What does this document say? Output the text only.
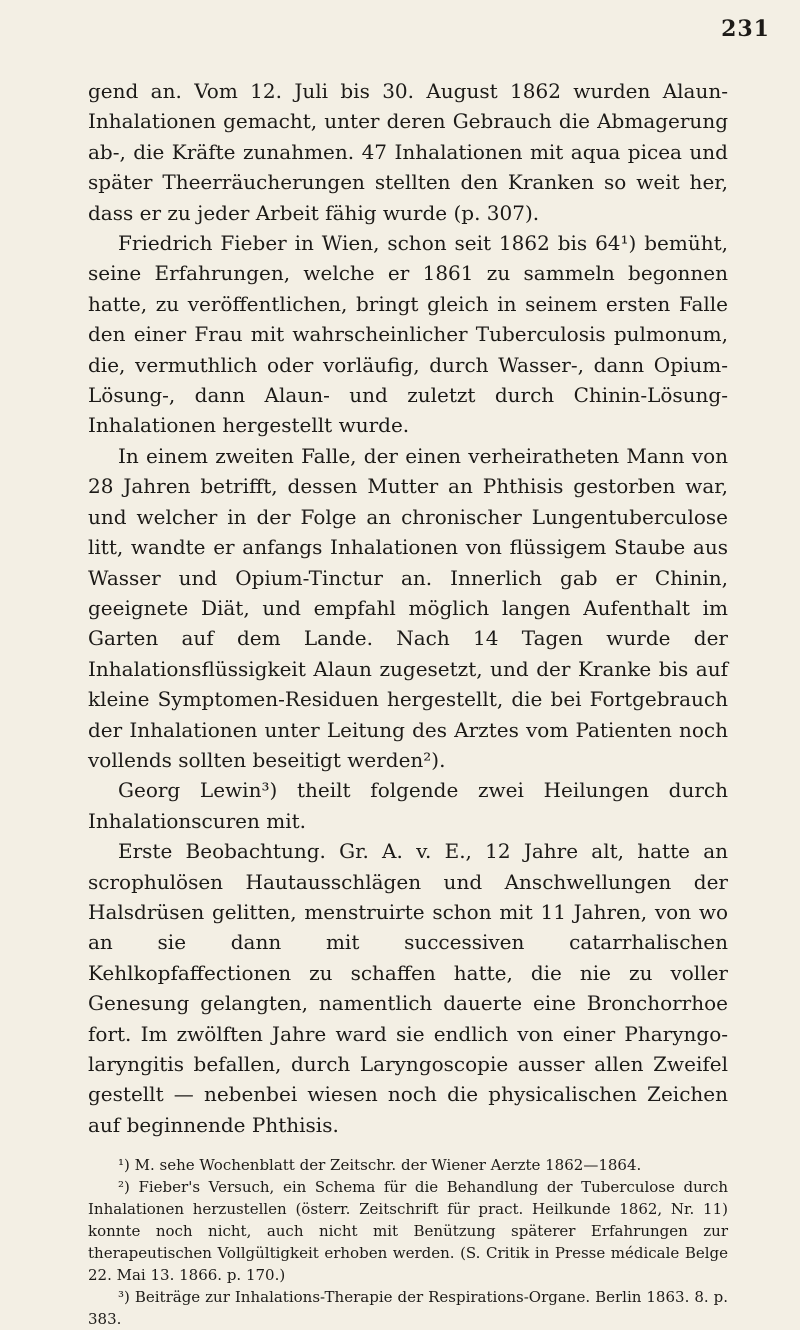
231

gend an. Vom 12. Juli bis 30. August 1862 wurden Alaun-Inhalationen gemacht, unter deren Gebrauch die Abmagerung ab-, die Kräfte zunahmen. 47 Inhalationen mit aqua picea und später Theerräucherungen stellten den Kranken so weit her, dass er zu jeder Arbeit fähig wurde (p. 307).

Friedrich Fieber in Wien, schon seit 1862 bis 64¹) bemüht, seine Erfahrungen, welche er 1861 zu sammeln begonnen hatte, zu veröffentlichen, bringt gleich in seinem ersten Falle den einer Frau mit wahrscheinlicher Tuberculosis pulmonum, die, vermuthlich oder vorläufig, durch Wasser-, dann Opium-Lösung-, dann Alaun- und zuletzt durch Chinin-Lösung-Inhalationen hergestellt wurde.

In einem zweiten Falle, der einen verheiratheten Mann von 28 Jahren betrifft, dessen Mutter an Phthisis gestorben war, und welcher in der Folge an chronischer Lungentuberculose litt, wandte er anfangs Inhalationen von flüssigem Staube aus Wasser und Opium-Tinctur an. Innerlich gab er Chinin, geeignete Diät, und empfahl möglich langen Aufenthalt im Garten auf dem Lande. Nach 14 Tagen wurde der Inhalationsflüssigkeit Alaun zugesetzt, und der Kranke bis auf kleine Symptomen-Residuen hergestellt, die bei Fortgebrauch der Inhalationen unter Leitung des Arztes vom Patienten noch vollends sollten beseitigt werden²).

Georg Lewin³) theilt folgende zwei Heilungen durch Inhalationscuren mit.

Erste Beobachtung. Gr. A. v. E., 12 Jahre alt, hatte an scrophulösen Hautausschlägen und Anschwellungen der Halsdrüsen gelitten, menstruirte schon mit 11 Jahren, von wo an sie dann mit successiven catarrhalischen Kehlkopfaffectionen zu schaffen hatte, die nie zu voller Genesung gelangten, namentlich dauerte eine Bronchorrhoe fort. Im zwölften Jahre ward sie endlich von einer Pharyngo-laryngitis befallen, durch Laryngoscopie ausser allen Zweifel gestellt — nebenbei wiesen noch die physicalischen Zeichen auf beginnende Phthisis.

¹) M. sehe Wochenblatt der Zeitschr. der Wiener Aerzte 1862—1864.

²) Fieber's Versuch, ein Schema für die Behandlung der Tuberculose durch Inhalationen herzustellen (österr. Zeitschrift für pract. Heilkunde 1862, Nr. 11) konnte noch nicht, auch nicht mit Benützung späterer Erfahrungen zur therapeutischen Vollgültigkeit erhoben werden. (S. Critik in Presse médicale Belge 22. Mai 13. 1866. p. 170.)

³) Beiträge zur Inhalations-Therapie der Respirations-Organe. Berlin 1863. 8. p. 383.
